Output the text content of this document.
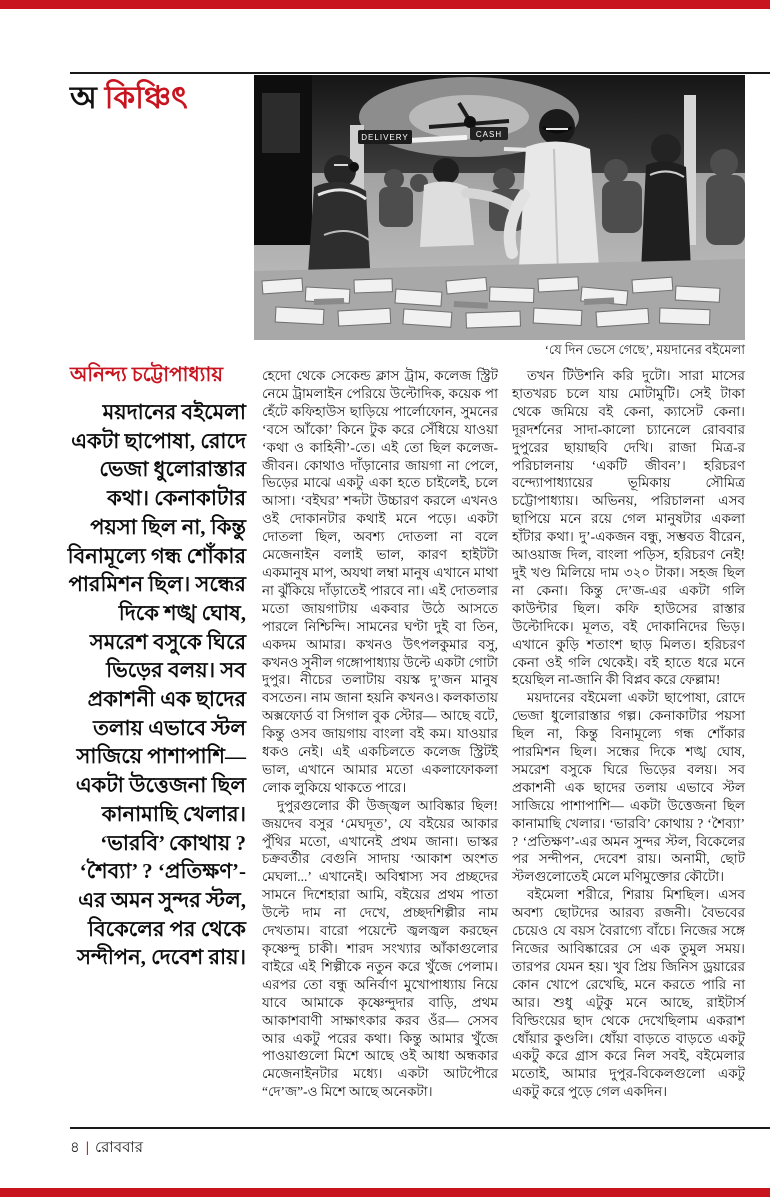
অ কিঞ্চিৎ
DELIVERY	CASH
‘যে দিন ভেসে গেছে’, ময়দানের বইমেলা
অনিন্দ্য চট্টোপাধ্যায়
ময়দানের বইমেলা একটা ছাপোষা, রোদে ভেজা ধুলোরাস্তার কথা। কেনাকাটার পয়সা ছিল না, কিন্তু বিনামূল্যে গন্ধ শোঁকার পারমিশন ছিল। সন্ধের দিকে শঙ্খ ঘোষ, সমরেশ বসুকে ঘিরে ভিড়ের বলয়। সব প্রকাশনী এক ছাদের তলায় এভাবে স্টল সাজিয়ে পাশাপাশি— একটা উত্তেজনা ছিল কানামাছি খেলার। ‘ভারবি’ কোথায় ? ‘শৈব্যা’ ? ‘প্রতিক্ষণ’-এর অমন সুন্দর স্টল, বিকেলের পর থেকে সন্দীপন, দেবেশ রায়।

হেদো থেকে সেকেন্ড ক্লাস ট্রাম, কলেজ স্ট্রিট নেমে ট্রামলাইন পেরিয়ে উল্টোদিক, কয়েক পা হেঁটে কফিহাউস ছাড়িয়ে পার্লোফোন, সুমনের ‘বসে আঁকো’ কিনে টুক করে সেঁধিয়ে যাওয়া ‘কথা ও কাহিনী’-তে। এই তো ছিল কলেজ-জীবন। কোথাও দাঁড়ানোর জায়গা না পেলে, ভিড়ের মাঝে একটু একা হতে চাইলেই, চলে আসা। ‘বইঘর’ শব্দটা উচ্চারণ করলে এখনও ওই দোকানটার কথাই মনে পড়ে। একটা দোতলা ছিল, অবশ্য দোতলা না বলে মেজেনাইন বলাই ভাল, কারণ হাইটটা একমানুষ মাপ, অযথা লম্বা মানুষ এখানে মাথা না ঝুঁকিয়ে দাঁড়াতেই পারবে না। এই দোতলার মতো জায়গাটায় একবার উঠে আসতে পারলে নিশ্চিন্দি। সামনের ঘণ্টা দুই বা তিন, একদম আমার। কখনও উৎপলকুমার বসু, কখনও সুনীল গঙ্গোপাধ্যায় উল্টে একটা গোটা দুপুর। নীচের তলাটায় বয়স্ক দু’জন মানুষ বসতেন। নাম জানা হয়নি কখনও। কলকাতায় অক্সফোর্ড বা সিগাল বুক স্টোর— আছে বটে, কিন্তু ওসব জায়গায় বাংলা বই কম। যাওয়ার ধকও নেই। এই একচিলতে কলেজ স্ট্রিটই ভাল, এখানে আমার মতো একলাফোকলা লোক লুকিয়ে থাকতে পারে।

দুপুরগুলোর কী উজ্জ্বল আবিষ্কার ছিল! জয়দেব বসুর ‘মেঘদূত’, যে বইয়ের আকার পুঁথির মতো, এখানেই প্রথম জানা। ভাস্কর চক্রবর্তীর বেগুনি সাদায় ‘আকাশ অংশত মেঘলা...’ এখানেই। অবিশ্বাস্য সব প্রচ্ছদের সামনে দিশেহারা আমি, বইয়ের প্রথম পাতা উল্টে দাম না দেখে, প্রচ্ছদশিল্পীর নাম দেখতাম। বারো পয়েন্টে জ্বলজ্বল করছেন কৃষ্ণেন্দু চাকী। শারদ সংখ্যার আঁকাগুলোর বাইরে এই শিল্পীকে নতুন করে খুঁজে পেলাম। এরপর তো বন্ধু অনির্বাণ মুখোপাধ্যায় নিয়ে যাবে আমাকে কৃষ্ণেন্দুদার বাড়ি, প্রথম আকাশবাণী সাক্ষাৎকার করব ওঁর— সেসব আর একটু পরের কথা। কিন্তু আমার খুঁজে পাওয়াগুলো মিশে আছে ওই আধা অন্ধকার মেজেনাইনটার মধ্যে। একটা আটপৌরে “দে’জ”-ও মিশে আছে অনেকটা।

তখন টিউশনি করি দুটো। সারা মাসের হাতখরচ চলে যায় মোটামুটি। সেই টাকা থেকে জমিয়ে বই কেনা, ক্যাসেট কেনা। দূরদর্শনের সাদা-কালো চ্যানেলে রোববার দুপুরের ছায়াছবি দেখি। রাজা মিত্র-র পরিচালনায় ‘একটি জীবন’। হরিচরণ বন্দ্যোপাধ্যায়ের ভূমিকায় সৌমিত্র চট্টোপাধ্যায়। অভিনয়, পরিচালনা এসব ছাপিয়ে মনে রয়ে গেল মানুষটার একলা হাঁটার কথা। দু’-একজন বন্ধু, সম্ভবত বীরেন, আওয়াজ দিল, বাংলা পড়িস, হরিচরণ নেই! দুই খণ্ড মিলিয়ে দাম ৩২০ টাকা। সহজ ছিল না কেনা। কিন্তু দে’জ-এর একটা গলি কাউন্টার ছিল। কফি হাউসের রাস্তার উল্টোদিকে। মূলত, বই দোকানিদের ভিড়। এখানে কুড়ি শতাংশ ছাড় মিলত। হরিচরণ কেনা ওই গলি থেকেই। বই হাতে ধরে মনে হয়েছিল না-জানি কী বিপ্লব করে ফেল্লাম!

ময়দানের বইমেলা একটা ছাপোষা, রোদে ভেজা ধুলোরাস্তার গল্প। কেনাকাটার পয়সা ছিল না, কিন্তু বিনামূল্যে গন্ধ শোঁকার পারমিশন ছিল। সন্ধের দিকে শঙ্খ ঘোষ, সমরেশ বসুকে ঘিরে ভিড়ের বলয়। সব প্রকাশনী এক ছাদের তলায় এভাবে স্টল সাজিয়ে পাশাপাশি— একটা উত্তেজনা ছিল কানামাছি খেলার। ‘ভারবি’ কোথায় ? ‘শৈব্যা’ ? ‘প্রতিক্ষণ’-এর অমন সুন্দর স্টল, বিকেলের পর সন্দীপন, দেবেশ রায়। অনামী, ছোট স্টলগুলোতেই মেলে মণিমুক্তোর কৌটো।

বইমেলা শরীরে, শিরায় মিশছিল। এসব অবশ্য ছোটদের আরব্য রজনী। বৈভবের চেয়েও যে বয়স বৈরাগ্যে বাঁচে। নিজের সঙ্গে নিজের আবিষ্কারের সে এক তুমুল সময়। তারপর যেমন হয়। খুব প্রিয় জিনিস ড্রয়ারের কোন খোপে রেখেছি, মনে করতে পারি না আর। শুধু এটুকু মনে আছে, রাইটার্স বিল্ডিংয়ের ছাদ থেকে দেখেছিলাম একরাশ ধোঁয়ার কুণ্ডলি। ধোঁয়া বাড়তে বাড়তে একটু একটু করে গ্রাস করে নিল সবই, বইমেলার মতোই, আমার দুপুর-বিকেলগুলো একটু একটু করে পুড়ে গেল একদিন।

৪ | রোববার
